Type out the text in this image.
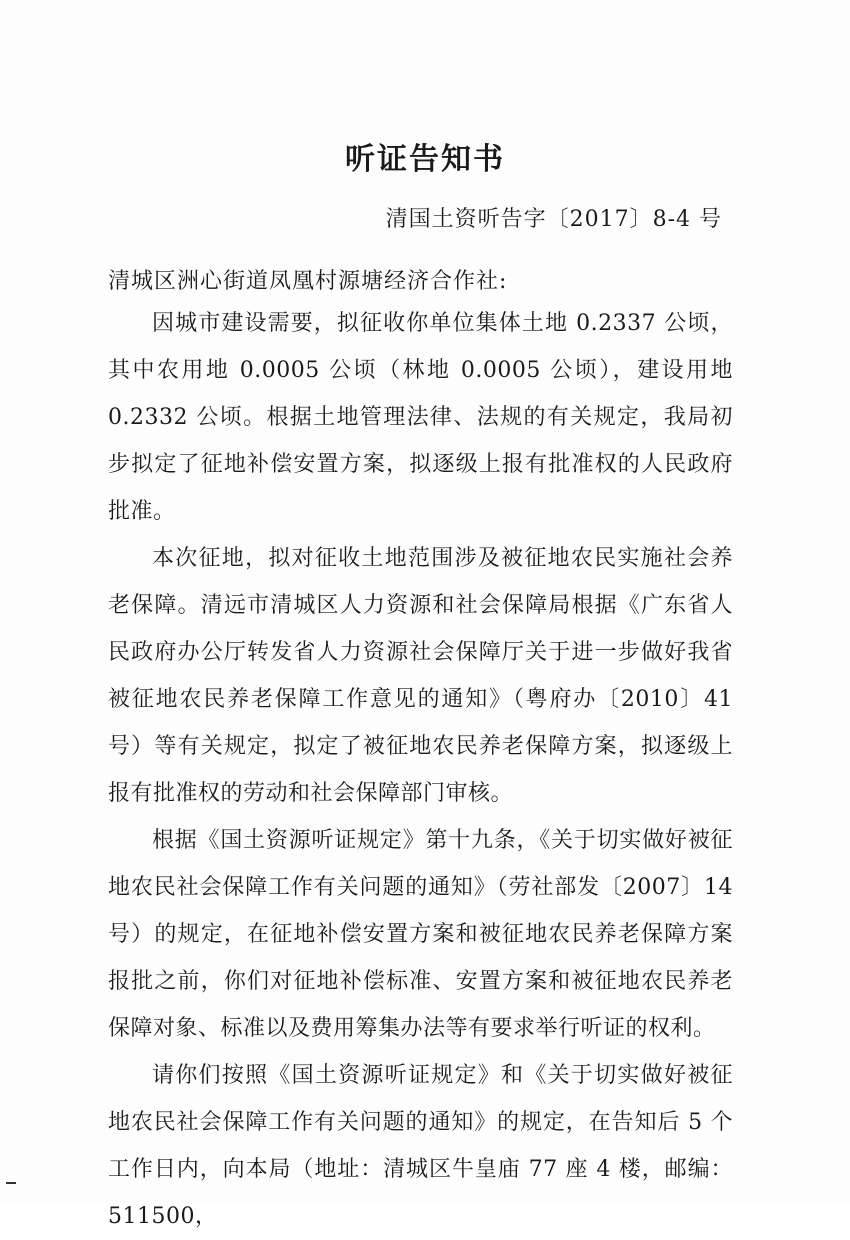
听证告知书
清国土资听告字〔2017〕8-4 号
清城区洲心街道凤凰村源塘经济合作社:

因城市建设需要，拟征收你单位集体土地 0.2337 公顷，其中农用地 0.0005 公顷（林地 0.0005 公顷），建设用地 0.2332 公顷。根据土地管理法律、法规的有关规定，我局初步拟定了征地补偿安置方案，拟逐级上报有批准权的人民政府批准。

本次征地，拟对征收土地范围涉及被征地农民实施社会养老保障。清远市清城区人力资源和社会保障局根据《广东省人民政府办公厅转发省人力资源社会保障厅关于进一步做好我省被征地农民养老保障工作意见的通知》（粤府办〔2010〕41 号）等有关规定，拟定了被征地农民养老保障方案，拟逐级上报有批准权的劳动和社会保障部门审核。

根据《国土资源听证规定》第十九条，《关于切实做好被征地农民社会保障工作有关问题的通知》（劳社部发〔2007〕14 号）的规定，在征地补偿安置方案和被征地农民养老保障方案报批之前，你们对征地补偿标准、安置方案和被征地农民养老保障对象、标准以及费用筹集办法等有要求举行听证的权利。

请你们按照《国土资源听证规定》和《关于切实做好被征地农民社会保障工作有关问题的通知》的规定，在告知后 5 个工作日内，向本局（地址：清城区牛皇庙 77 座 4 楼，邮编：511500，
